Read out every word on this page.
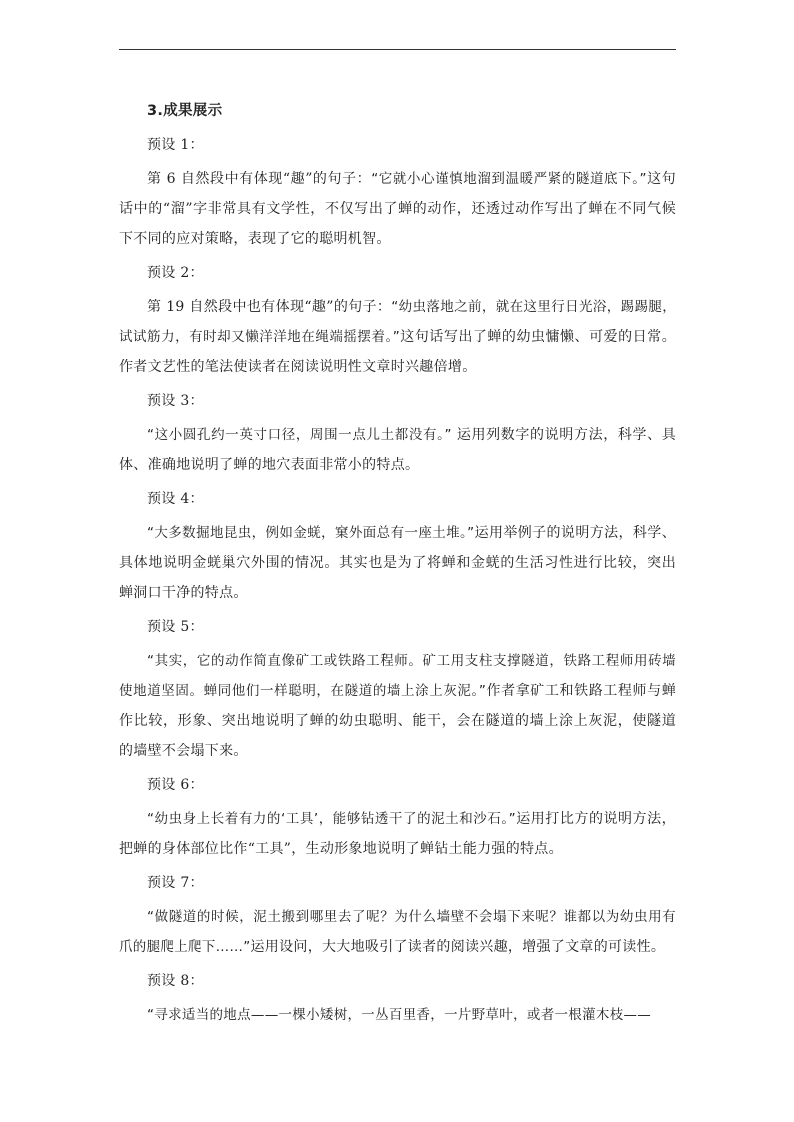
3.成果展示
预设 1：
第 6 自然段中有体现“趣”的句子：“它就小心谨慎地溜到温暖严紧的隧道底下。”这句话中的“溜”字非常具有文学性，不仅写出了蝉的动作，还透过动作写出了蝉在不同气候下不同的应对策略，表现了它的聪明机智。
预设 2：
第 19 自然段中也有体现“趣”的句子：“幼虫落地之前，就在这里行日光浴，踢踢腿，试试筋力，有时却又懒洋洋地在绳端摇摆着。”这句话写出了蝉的幼虫慵懒、可爱的日常。作者文艺性的笔法使读者在阅读说明性文章时兴趣倍增。
预设 3：
“这小圆孔约一英寸口径，周围一点儿土都没有。” 运用列数字的说明方法，科学、具体、准确地说明了蝉的地穴表面非常小的特点。
预设 4：
“大多数掘地昆虫，例如金蜣，窠外面总有一座土堆。”运用举例子的说明方法，科学、具体地说明金蜣巢穴外围的情况。其实也是为了将蝉和金蜣的生活习性进行比较，突出蝉洞口干净的特点。
预设 5：
“其实，它的动作简直像矿工或铁路工程师。矿工用支柱支撑隧道，铁路工程师用砖墙使地道坚固。蝉同他们一样聪明，在隧道的墙上涂上灰泥。”作者拿矿工和铁路工程师与蝉作比较，形象、突出地说明了蝉的幼虫聪明、能干，会在隧道的墙上涂上灰泥，使隧道的墙壁不会塌下来。
预设 6：
“幼虫身上长着有力的‘工具’，能够钻透干了的泥土和沙石。”运用打比方的说明方法，把蝉的身体部位比作“工具”，生动形象地说明了蝉钻土能力强的特点。
预设 7：
“做隧道的时候，泥土搬到哪里去了呢？为什么墙壁不会塌下来呢？谁都以为幼虫用有爪的腿爬上爬下……”运用设问，大大地吸引了读者的阅读兴趣，增强了文章的可读性。
预设 8：
“寻求适当的地点——一棵小矮树，一丛百里香，一片野草叶，或者一根灌木枝——
